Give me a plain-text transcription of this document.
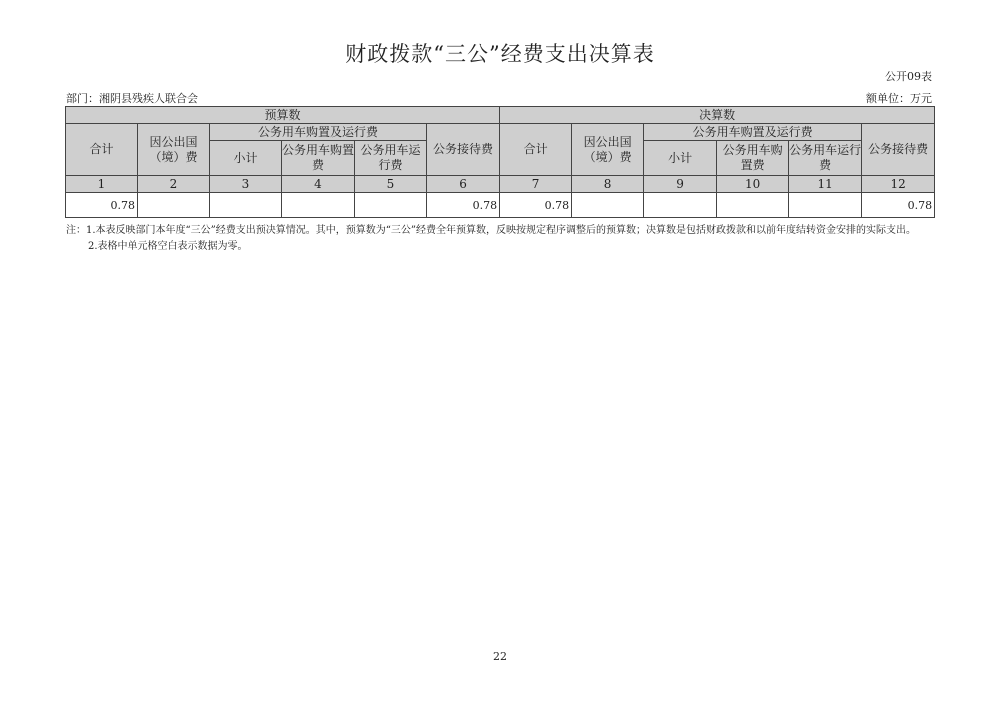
财政拨款“三公”经费支出决算表
公开09表
部门：湘阴县残疾人联合会	额单位：万元
预算数						决算数					
合计	因公出国（境）费	公务用车购置及运行费			公务接待费	合计	因公出国（境）费	公务用车购置及运行费			公务接待费
		小计	公务用车购置费	公务用车运行费				小计	公务用车购置费	公务用车运行费	
1	2	3	4	5	6	7	8	9	10	11	12
0.78					0.78	0.78					0.78
注：1.本表反映部门本年度“三公”经费支出预决算情况。其中，预算数为“三公”经费全年预算数，反映按规定程序调整后的预算数；决算数是包括财政拨款和以前年度结转资金安排的实际支出。
2.表格中单元格空白表示数据为零。
22
